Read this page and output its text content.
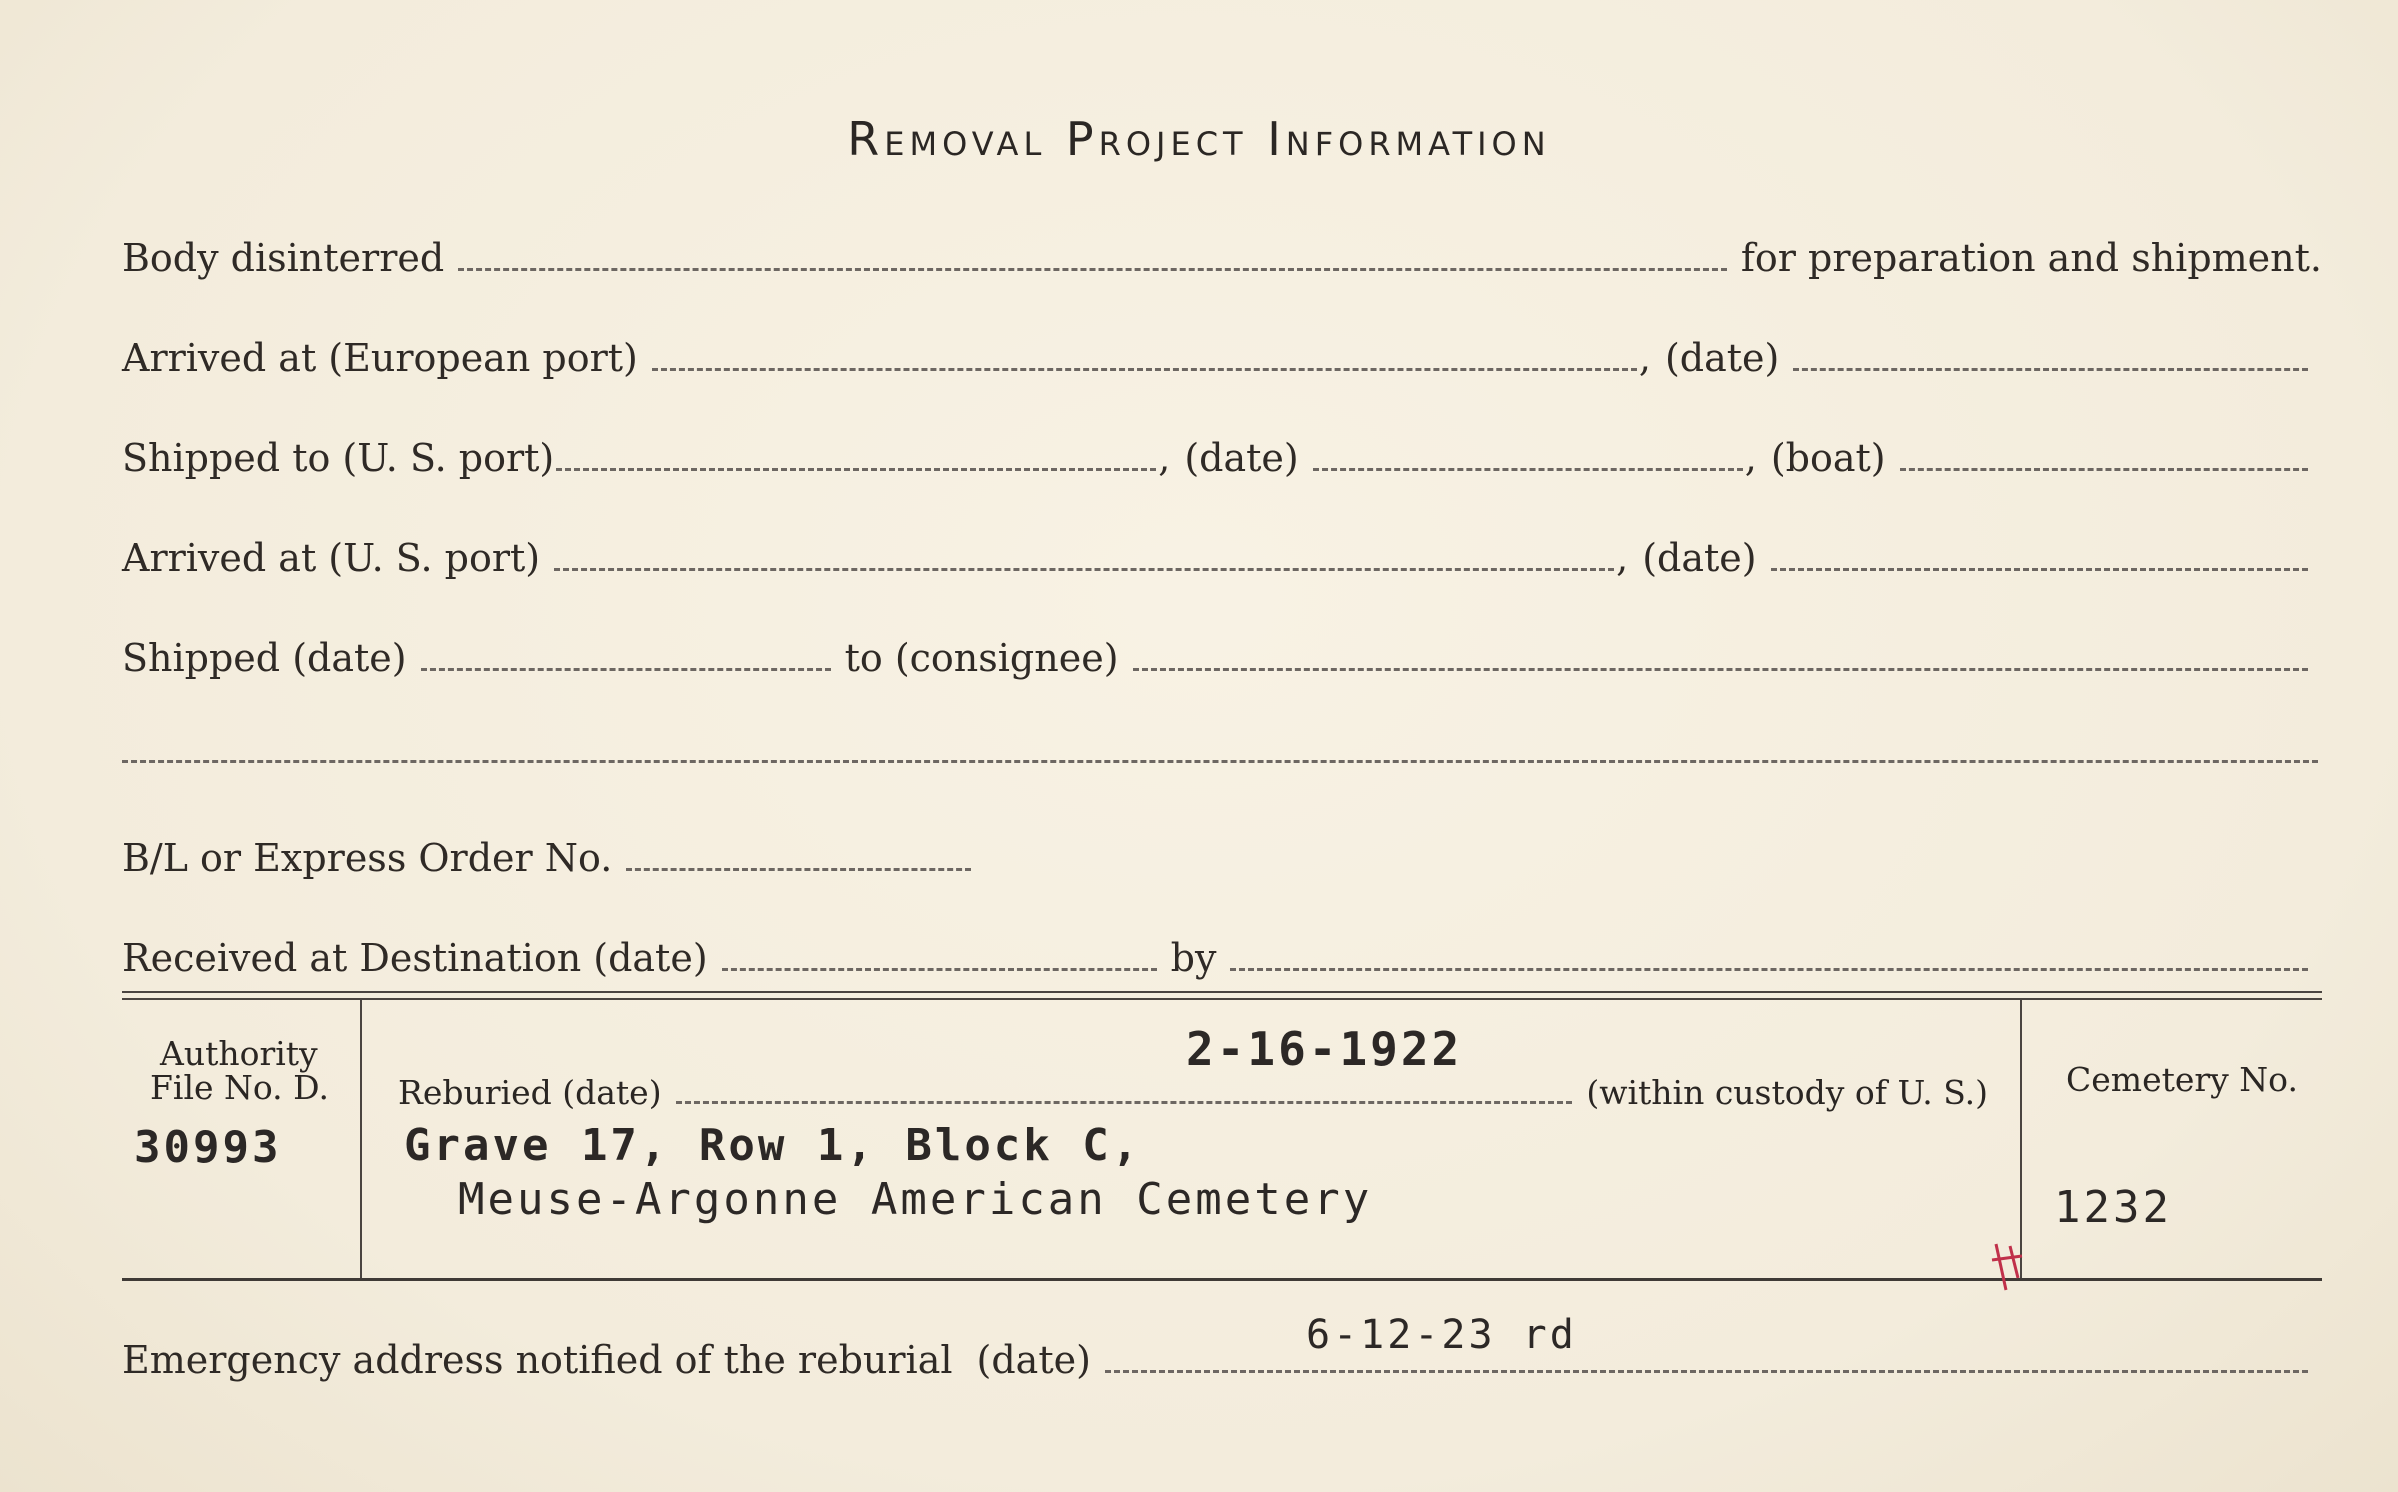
Removal Project Information
Body disinterred	for preparation and shipment.
Arrived at (European port)	, (date)
Shipped to (U. S. port)	, (date)	, (boat)
Arrived at (U. S. port)	, (date)
Shipped (date)	to (consignee)
B/L or Express Order No.
Received at Destination (date)	by
Authority
File No. D.
30993
2-16-1922
Reburied (date)	(within custody of U. S.)
Grave 17, Row 1, Block C,
Meuse-Argonne American Cemetery
Cemetery No.
1232
6-12-23 rd
Emergency address notified of the reburial (date)
